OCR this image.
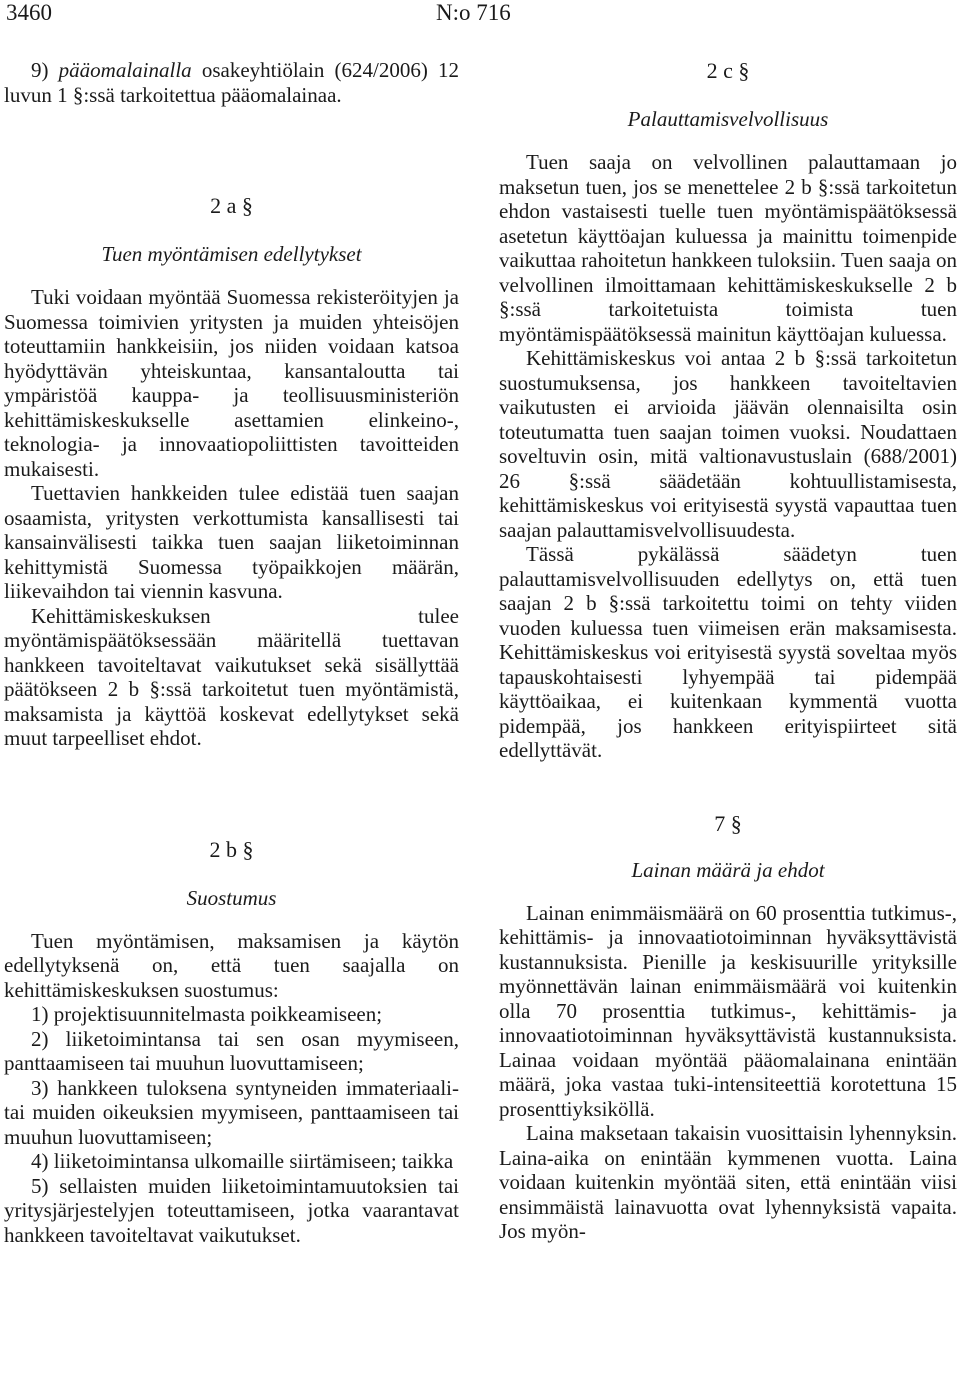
3460	N:o 716

9) pääomalainalla osakeyhtiölain (624/2006) 12 luvun 1 §:ssä tarkoitettua pääomalainaa.

2 a §

Tuen myöntämisen edellytykset

Tuki voidaan myöntää Suomessa rekisteröityjen ja Suomessa toimivien yritysten ja muiden yhteisöjen toteuttamiin hankkeisiin, jos niiden voidaan katsoa hyödyttävän yhteiskuntaa, kansantaloutta tai ympäristöä kauppa- ja teollisuusministeriön kehittämiskeskukselle asettamien elinkeino-, teknologia- ja innovaatiopoliittisten tavoitteiden mukaisesti.

Tuettavien hankkeiden tulee edistää tuen saajan osaamista, yritysten verkottumista kansallisesti tai kansainvälisesti taikka tuen saajan liiketoiminnan kehittymistä Suomessa työpaikkojen määrän, liikevaihdon tai viennin kasvuna.

Kehittämiskeskuksen tulee myöntämispäätöksessään määritellä tuettavan hankkeen tavoiteltavat vaikutukset sekä sisällyttää päätökseen 2 b §:ssä tarkoitetut tuen myöntämistä, maksamista ja käyttöä koskevat edellytykset sekä muut tarpeelliset ehdot.

2 b §

Suostumus

Tuen myöntämisen, maksamisen ja käytön edellytyksenä on, että tuen saajalla on kehittämiskeskuksen suostumus:

1) projektisuunnitelmasta poikkeamiseen;

2) liiketoimintansa tai sen osan myymiseen, panttaamiseen tai muuhun luovuttamiseen;

3) hankkeen tuloksena syntyneiden immateriaali- tai muiden oikeuksien myymiseen, panttaamiseen tai muuhun luovuttamiseen;

4) liiketoimintansa ulkomaille siirtämiseen; taikka

5) sellaisten muiden liiketoimintamuutoksien tai yritysjärjestelyjen toteuttamiseen, jotka vaarantavat hankkeen tavoiteltavat vaikutukset.

2 c §

Palauttamisvelvollisuus

Tuen saaja on velvollinen palauttamaan jo maksetun tuen, jos se menettelee 2 b §:ssä tarkoitetun ehdon vastaisesti tuelle tuen myöntämispäätöksessä asetetun käyttöajan kuluessa ja mainittu toimenpide vaikuttaa rahoitetun hankkeen tuloksiin. Tuen saaja on velvollinen ilmoittamaan kehittämiskeskukselle 2 b §:ssä tarkoitetuista toimista tuen myöntämispäätöksessä mainitun käyttöajan kuluessa.

Kehittämiskeskus voi antaa 2 b §:ssä tarkoitetun suostumuksensa, jos hankkeen tavoiteltavien vaikutusten ei arvioida jäävän olennaisilta osin toteutumatta tuen saajan toimen vuoksi. Noudattaen soveltuvin osin, mitä valtionavustuslain (688/2001) 26 §:ssä säädetään kohtuullistamisesta, kehittämiskeskus voi erityisestä syystä vapauttaa tuen saajan palauttamisvelvollisuudesta.

Tässä pykälässä säädetyn tuen palauttamisvelvollisuuden edellytys on, että tuen saajan 2 b §:ssä tarkoitettu toimi on tehty viiden vuoden kuluessa tuen viimeisen erän maksamisesta. Kehittämiskeskus voi erityisestä syystä soveltaa myös tapauskohtaisesti lyhyempää tai pidempää käyttöaikaa, ei kuitenkaan kymmentä vuotta pidempää, jos hankkeen erityispiirteet sitä edellyttävät.

7 §

Lainan määrä ja ehdot

Lainan enimmäismäärä on 60 prosenttia tutkimus-, kehittämis- ja innovaatiotoiminnan hyväksyttävistä kustannuksista. Pienille ja keskisuurille yrityksille myönnettävän lainan enimmäismäärä voi kuitenkin olla 70 prosenttia tutkimus-, kehittämis- ja innovaatiotoiminnan hyväksyttävistä kustannuksista. Lainaa voidaan myöntää pääomalainana enintään määrä, joka vastaa tuki-intensiteettiä korotettuna 15 prosenttiyksiköllä.

Laina maksetaan takaisin vuosittaisin lyhennyksin. Laina-aika on enintään kymmenen vuotta. Laina voidaan kuitenkin myöntää siten, että enintään viisi ensimmäistä lainavuotta ovat lyhennyksistä vapaita. Jos myön-
